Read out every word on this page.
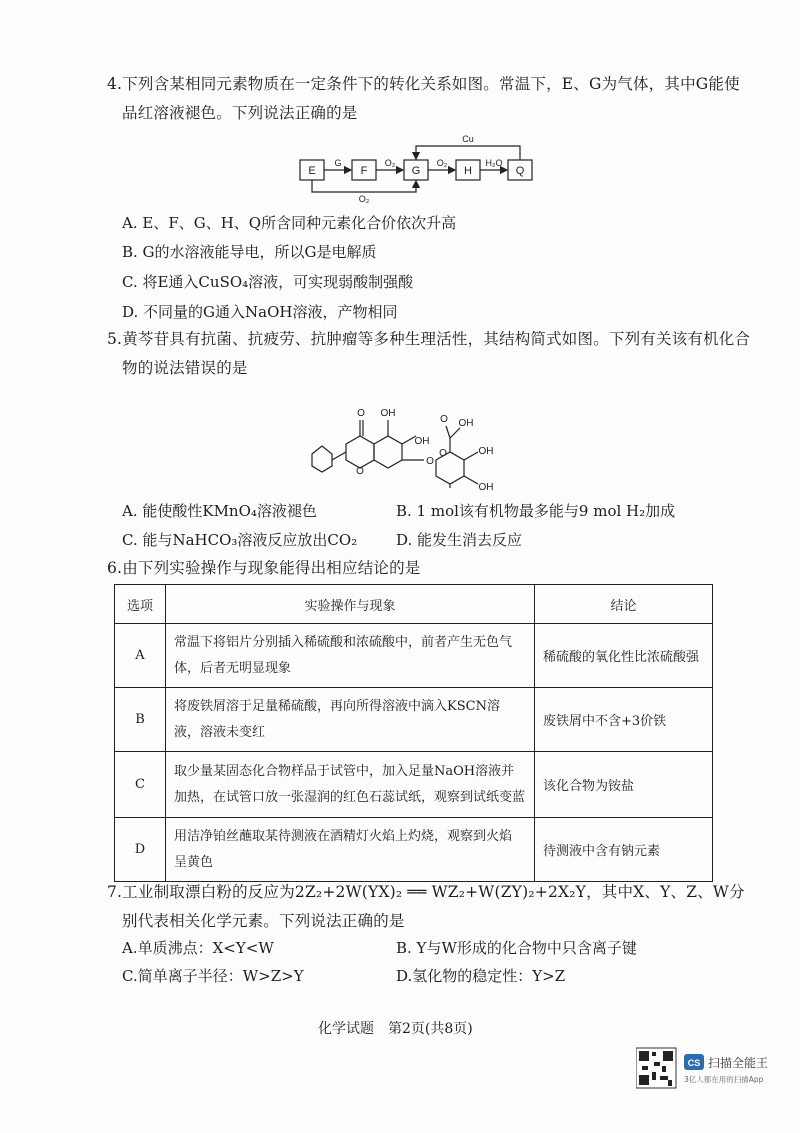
4.下列含某相同元素物质在一定条件下的转化关系如图。常温下，E、G为气体，其中G能使
品红溶液褪色。下列说法正确的是
E	F	G	H	Q
G	O₂	O₂	H₂O
Cu
O₂
A. E、F、G、H、Q所含同种元素化合价依次升高
B. G的水溶液能导电，所以G是电解质
C. 将E通入CuSO₄溶液，可实现弱酸制强酸
D. 不同量的G通入NaOH溶液，产物相同
5.黄芩苷具有抗菌、抗疲劳、抗肿瘤等多种生理活性，其结构简式如图。下列有关该有机化合
物的说法错误的是
O OH
O
O
O
OH
O
OH
OH
OH
A. 能使酸性KMnO₄溶液褪色	B. 1 mol该有机物最多能与9 mol H₂加成
C. 能与NaHCO₃溶液反应放出CO₂	D. 能发生消去反应
6.由下列实验操作与现象能得出相应结论的是
选项	实验操作与现象	结论
A	常温下将铝片分别插入稀硫酸和浓硫酸中，前者产生无色气
体，后者无明显现象	稀硫酸的氧化性比浓硫酸强
B	将废铁屑溶于足量稀硫酸，再向所得溶液中滴入KSCN溶
液，溶液未变红	废铁屑中不含+3价铁
C	取少量某固态化合物样品于试管中，加入足量NaOH溶液并
加热，在试管口放一张湿润的红色石蕊试纸，观察到试纸变蓝	该化合物为铵盐
D	用洁净铂丝蘸取某待测液在酒精灯火焰上灼烧，观察到火焰
呈黄色	待测液中含有钠元素
7.工业制取漂白粉的反应为2Z₂+2W(YX)₂ ══ WZ₂+W(ZY)₂+2X₂Y，其中X、Y、Z、W分
别代表相关化学元素。下列说法正确的是
A.单质沸点：X<Y<W	B. Y与W形成的化合物中只含离子键
C.简单离子半径：W>Z>Y	D.氢化物的稳定性：Y>Z
化学试题　第2页(共8页)
CS 扫描全能王
3亿人都在用的扫描App
